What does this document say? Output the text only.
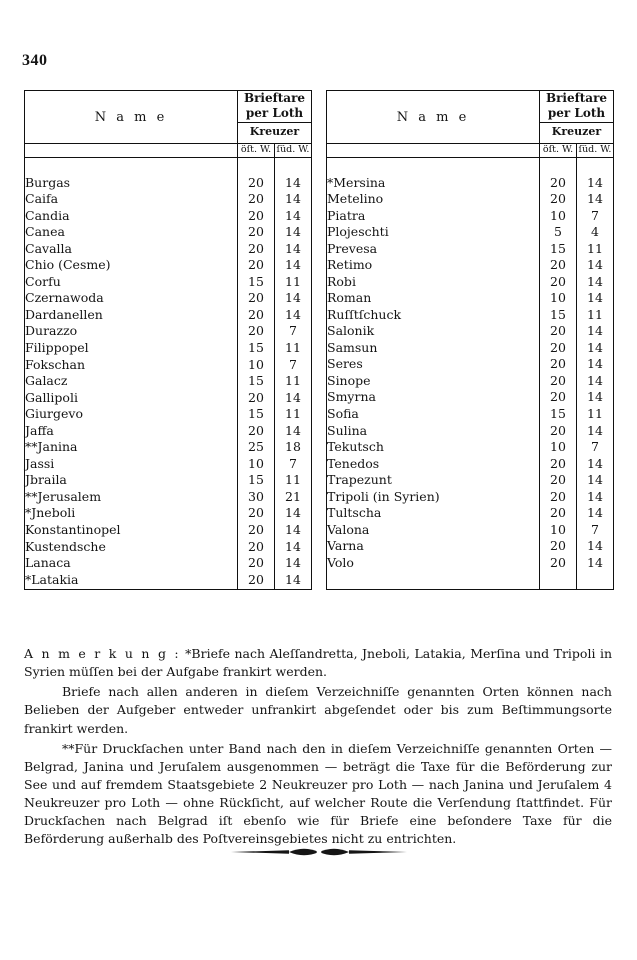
340
N a m e	Brieftare
per Loth	

	Kreuzer	

	öſt. W.	ſüd. W.

Burgas	20	14
Caifa	20	14
Candia	20	14
Canea	20	14
Cavalla	20	14
Chio (Cesme)	20	14
Corfu	15	11
Czernawoda	20	14
Dardanellen	20	14
Durazzo	20	7
Filippopel	15	11
Fokschan	10	7
Galacz	15	11
Gallipoli	20	14
Giurgevo	15	11
Jaffa	20	14
**Janina	25	18
Jassi	10	7
Jbraila	15	11
**Jerusalem	30	21
*Jneboli	20	14
Konstantinopel	20	14
Kustendsche	20	14
Lanaca	20	14
*Latakia	20	14
N a m e	Brieftare
per Loth	

	Kreuzer	

	öſt. W.	ſüd. W.

*Mersina	20	14
Metelino	20	14
Piatra	10	7
Plojeschti	5	4
Prevesa	15	11
Retimo	20	14
Robi	20	14
Roman	10	14
Ruſſtſchuck	15	11
Salonik	20	14
Samsun	20	14
Seres	20	14
Sinope	20	14
Smyrna	20	14
Sofia	15	11
Sulina	20	14
Tekutsch	10	7
Tenedos	20	14
Trapezunt	20	14
Tripoli (in Syrien)	20	14
Tultscha	20	14
Valona	10	7
Varna	20	14
Volo	20	14

A n m e r k u n g : *Briefe nach Aleſſandretta, Jneboli, Latakia, Merſina und Tripoli in Syrien müſſen bei der Aufgabe frankirt werden.

Briefe nach allen anderen in dieſem Verzeichniſſe genannten Orten können nach Belieben der Aufgeber entweder unfrankirt abgeſendet oder bis zum Beſtimmungsorte frankirt werden.

**Für Druckſachen unter Band nach den in dieſem Verzeichniſſe genannten Orten — Belgrad, Janina und Jeruſalem ausgenommen — beträgt die Taxe für die Beförderung zur See und auf fremdem Staatsgebiete 2 Neukreuzer pro Loth — nach Janina und Jeruſalem 4 Neukreuzer pro Loth — ohne Rückſicht, auf welcher Route die Verſendung ſtattfindet. Für Druckſachen nach Belgrad iſt ebenſo wie für Briefe eine beſondere Taxe für die Beförderung außerhalb des Poſtvereinsgebietes nicht zu entrichten.
